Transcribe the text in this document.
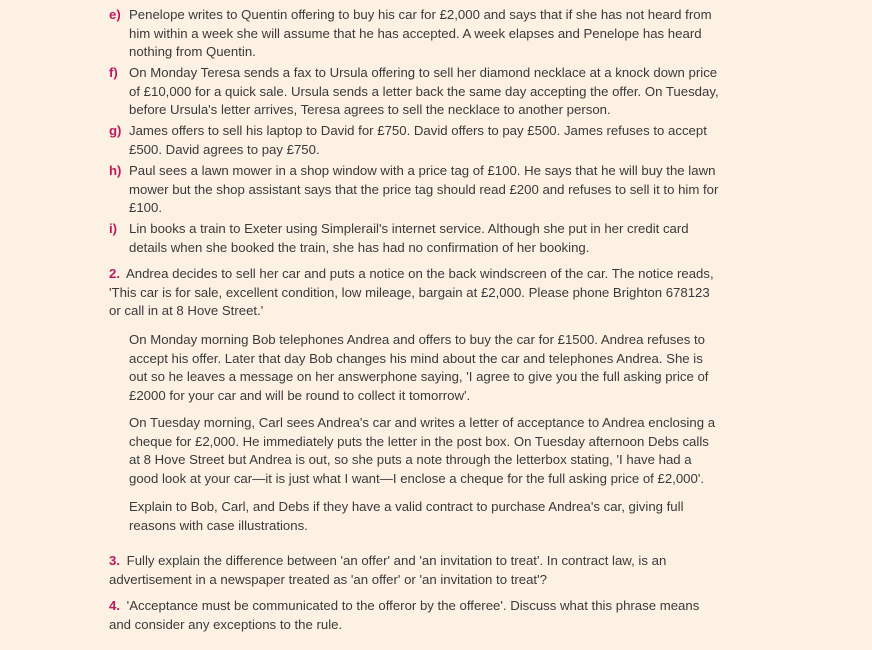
e) Penelope writes to Quentin offering to buy his car for £2,000 and says that if she has not heard from him within a week she will assume that he has accepted. A week elapses and Penelope has heard nothing from Quentin.

f) On Monday Teresa sends a fax to Ursula offering to sell her diamond necklace at a knock down price of £10,000 for a quick sale. Ursula sends a letter back the same day accepting the offer. On Tuesday, before Ursula's letter arrives, Teresa agrees to sell the necklace to another person.

g) James offers to sell his laptop to David for £750. David offers to pay £500. James refuses to accept £500. David agrees to pay £750.

h) Paul sees a lawn mower in a shop window with a price tag of £100. He says that he will buy the lawn mower but the shop assistant says that the price tag should read £200 and refuses to sell it to him for £100.

i) Lin books a train to Exeter using Simplerail's internet service. Although she put in her credit card details when she booked the train, she has had no confirmation of her booking.

2. Andrea decides to sell her car and puts a notice on the back windscreen of the car. The notice reads, 'This car is for sale, excellent condition, low mileage, bargain at £2,000. Please phone Brighton 678123 or call in at 8 Hove Street.'

On Monday morning Bob telephones Andrea and offers to buy the car for £1500. Andrea refuses to accept his offer. Later that day Bob changes his mind about the car and telephones Andrea. She is out so he leaves a message on her answerphone saying, 'I agree to give you the full asking price of £2000 for your car and will be round to collect it tomorrow'.

On Tuesday morning, Carl sees Andrea's car and writes a letter of acceptance to Andrea enclosing a cheque for £2,000. He immediately puts the letter in the post box. On Tuesday afternoon Debs calls at 8 Hove Street but Andrea is out, so she puts a note through the letterbox stating, 'I have had a good look at your car—it is just what I want—I enclose a cheque for the full asking price of £2,000'.

Explain to Bob, Carl, and Debs if they have a valid contract to purchase Andrea's car, giving full reasons with case illustrations.

3. Fully explain the difference between 'an offer' and 'an invitation to treat'. In contract law, is an advertisement in a newspaper treated as 'an offer' or 'an invitation to treat'?

4. 'Acceptance must be communicated to the offeror by the offeree'. Discuss what this phrase means and consider any exceptions to the rule.
